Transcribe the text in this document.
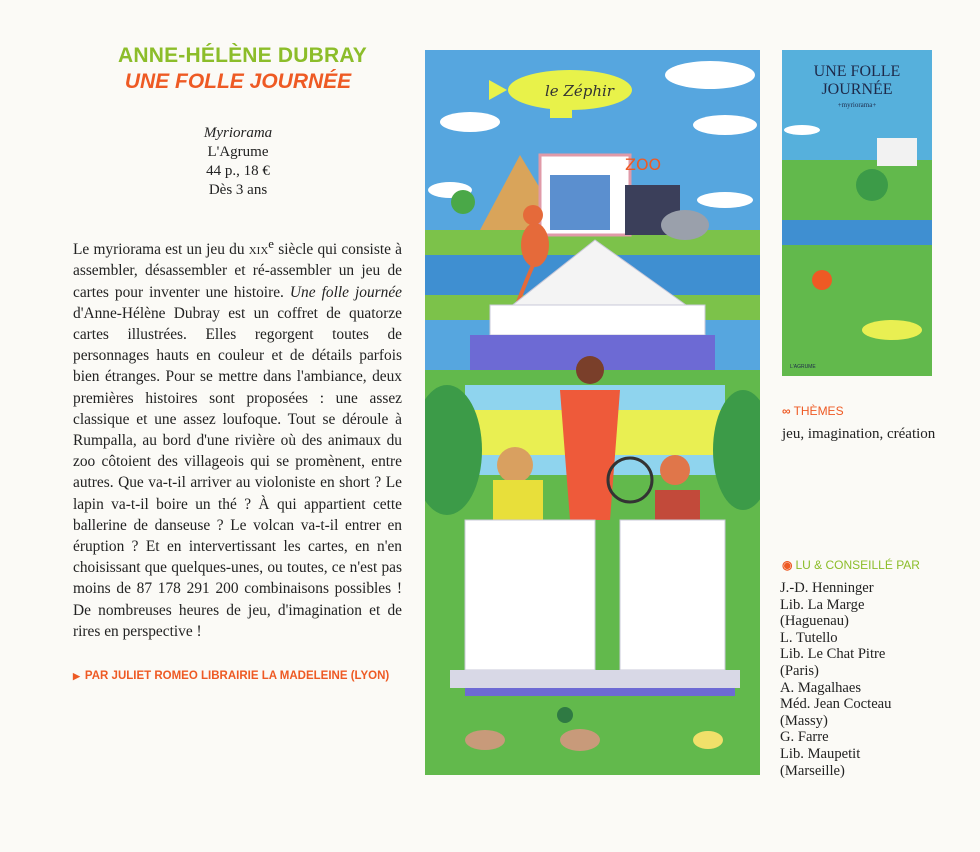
ANNE-HÉLÈNE DUBRAY
UNE FOLLE JOURNÉE
Myriorama
L'Agrume
44 p., 18 €
Dès 3 ans
Le myriorama est un jeu du xix$^e$ siècle qui consiste à assembler, désassembler et ré-assembler un jeu de cartes pour inventer une histoire. Une folle journée d'Anne-Hélène Dubray est un coffret de quatorze cartes illustrées. Elles regorgent toutes de personnages hauts en couleur et de détails parfois bien étranges. Pour se mettre dans l'ambiance, deux premières histoires sont proposées : une assez classique et une assez loufoque. Tout se déroule à Rumpalla, au bord d'une rivière où des animaux du zoo côtoient des villageois qui se promènent, entre autres. Que va-t-il arriver au violoniste en short ? Le lapin va-t-il boire un thé ? À qui appartient cette ballerine de danseuse ? Le volcan va-t-il entrer en éruption ? Et en intervertissant les cartes, en n'en choisissant que quelques-unes, ou toutes, ce n'est pas moins de 87 178 291 200 combinaisons possibles ! De nombreuses heures de jeu, d'imagination et de rires en perspective !
▶ PAR JULIET ROMEO LIBRAIRIE LA MADELEINE (LYON)
le Zéphir
ZOO
UNE FOLLE
JOURNÉE
+myriorama+
L'AGRUME
∞ THÈMES
jeu, imagination, création
◉ LU & CONSEILLÉ PAR
J.-D. Henninger
Lib. La Marge
(Haguenau)
L. Tutello
Lib. Le Chat Pitre
(Paris)
A. Magalhaes
Méd. Jean Cocteau
(Massy)
G. Farre
Lib. Maupetit
(Marseille)
